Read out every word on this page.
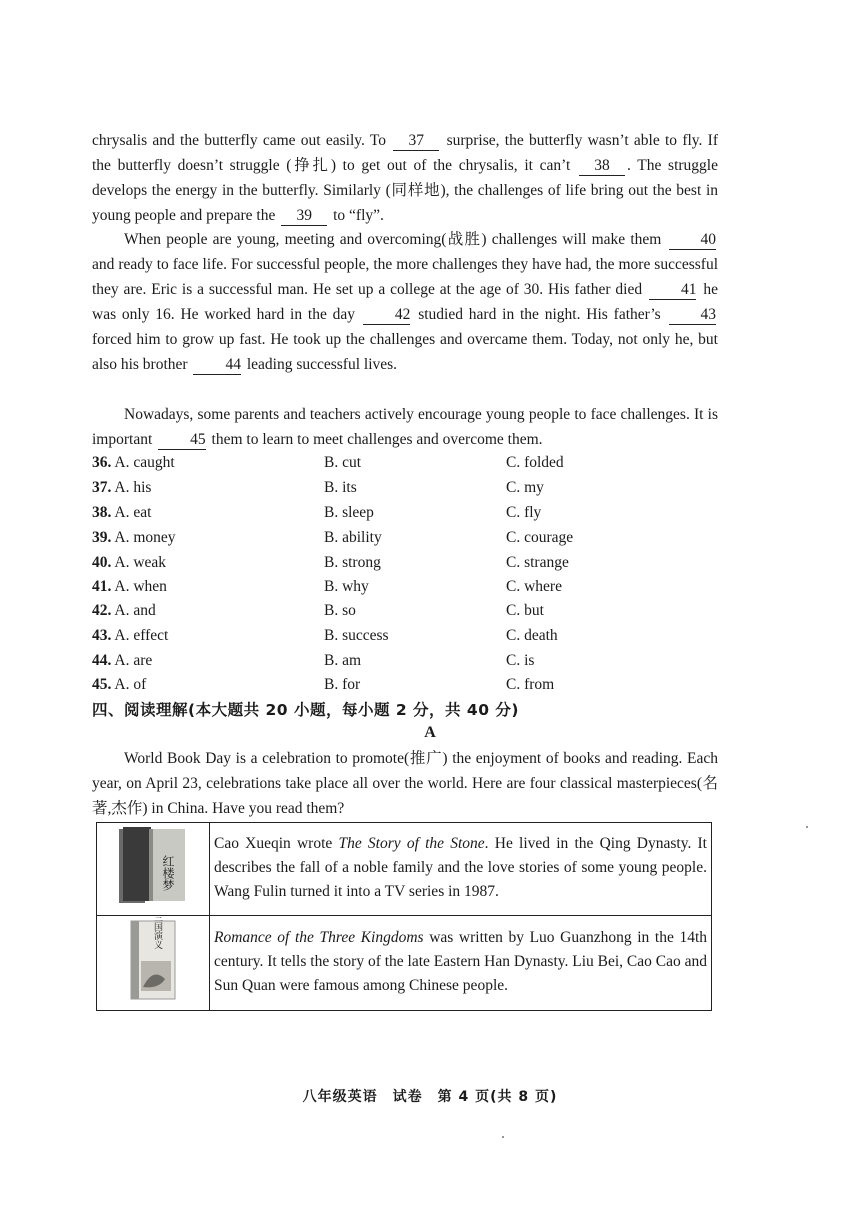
chrysalis and the butterfly came out easily. To 37 surprise, the butterfly wasn’t able to fly. If the butterfly doesn’t struggle (挣扎) to get out of the chrysalis, it can’t 38 . The struggle develops the energy in the butterfly. Similarly (同样地), the challenges of life bring out the best in young people and prepare the 39 to “fly”.

When people are young, meeting and overcoming(战胜) challenges will make them	40 and ready to face life. For successful people, the more challenges they have had, the more successful they are. Eric is a successful man. He set up a college at the age of 30. His father died	41 he was only 16. He worked hard in the day	42 studied hard in the night. His father’s	43 forced him to grow up fast. He took up the challenges and overcame them. Today, not only he, but also his brother 44 leading successful lives.

Nowadays, some parents and teachers actively encourage young people to face challenges. It is important 45 them to learn to meet challenges and overcome them.

36. A. caught	B. cut	C. folded
37. A. his	B. its	C. my
38. A. eat	B. sleep	C. fly
39. A. money	B. ability	C. courage
40. A. weak	B. strong	C. strange
41. A. when	B. why	C. where
42. A. and	B. so	C. but
43. A. effect	B. success	C. death
44. A. are	B. am	C. is
45. A. of	B. for	C. from
四、阅读理解(本大题共 20 小题，每小题 2 分，共 40 分)
A

World Book Day is a celebration to promote(推广) the enjoyment of books and reading. Each year, on April 23, celebrations take place all over the world. Here are four classical masterpieces(名著,杰作) in China. Have you read them?

红楼梦	Cao Xueqin wrote The Story of the Stone. He lived in the Qing Dynasty. It describes the fall of a noble family and the love stories of some young people. Wang Fulin turned it into a TV series in 1987.

三国演义	Romance of the Three Kingdoms was written by Luo Guanzhong in the 14th century. It tells the story of the late Eastern Han Dynasty. Liu Bei, Cao Cao and Sun Quan were famous among Chinese people.
八年级英语　试卷　第 4 页(共 8 页)
